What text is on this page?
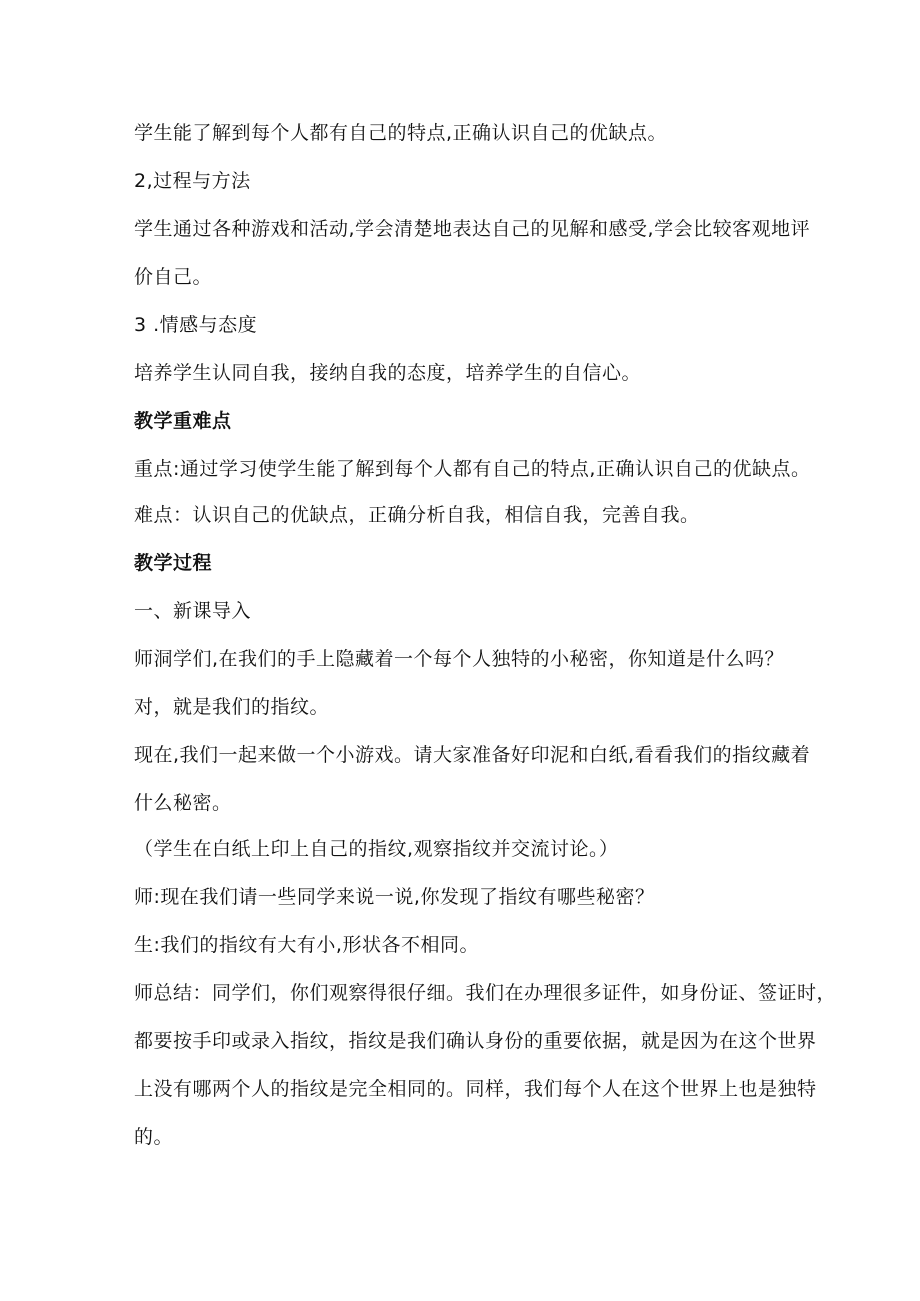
学生能了解到每个人都有自己的特点,正确认识自己的优缺点。
2,过程与方法
学生通过各种游戏和活动,学会清楚地表达自己的见解和感受,学会比较客观地评
价自己。
3 .情感与态度
培养学生认同自我，接纳自我的态度，培养学生的自信心。
教学重难点
重点:通过学习使学生能了解到每个人都有自己的特点,正确认识自己的优缺点。
难点：认识自己的优缺点，正确分析自我，相信自我，完善自我。
教学过程
一、新课导入
师洞学们,在我们的手上隐藏着一个每个人独特的小秘密，你知道是什么吗？
对，就是我们的指纹。
现在,我们一起来做一个小游戏。请大家准备好印泥和白纸,看看我们的指纹藏着
什么秘密。
（学生在白纸上印上自己的指纹,观察指纹并交流讨论。）
师:现在我们请一些同学来说一说,你发现了指纹有哪些秘密？
生:我们的指纹有大有小,形状各不相同。
师总结：同学们，你们观察得很仔细。我们在办理很多证件，如身份证、签证时，
都要按手印或录入指纹，指纹是我们确认身份的重要依据，就是因为在这个世界
上没有哪两个人的指纹是完全相同的。同样，我们每个人在这个世界上也是独特
的。
